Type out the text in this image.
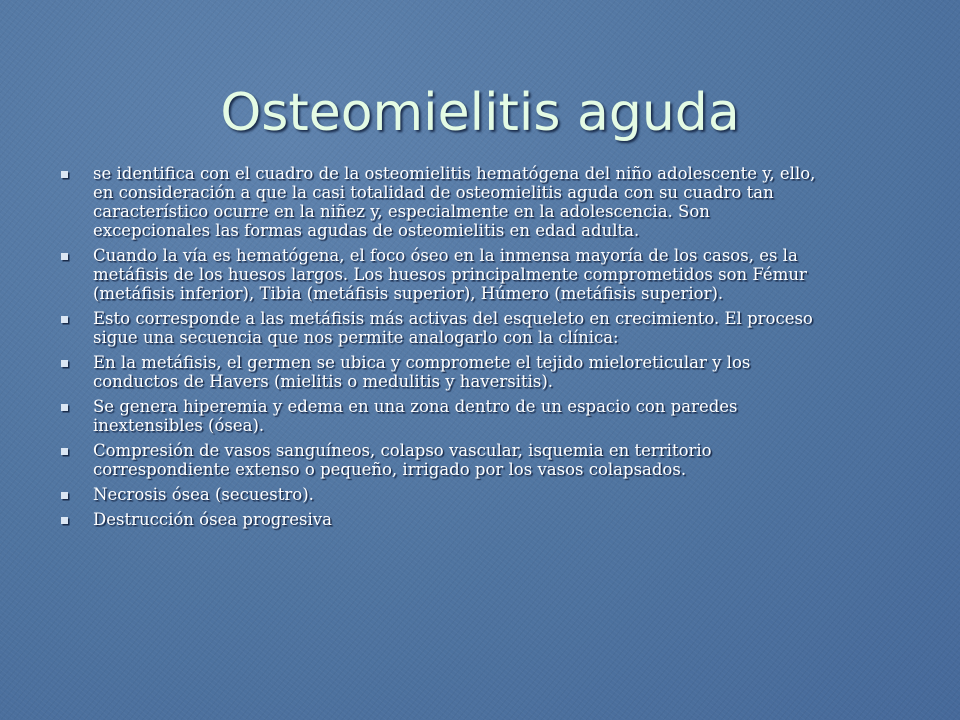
Osteomielitis aguda
se identifica con el cuadro de la osteomielitis hematógena del niño adolescente y, ello,
en consideración a que la casi totalidad de osteomielitis aguda con su cuadro tan
característico ocurre en la niñez y, especialmente en la adolescencia. Son
excepcionales las formas agudas de osteomielitis en edad adulta.
Cuando la vía es hematógena, el foco óseo en la inmensa mayoría de los casos, es la
metáfisis de los huesos largos. Los huesos principalmente comprometidos son Fémur
(metáfisis inferior), Tibia (metáfisis superior), Húmero (metáfisis superior).
Esto corresponde a las metáfisis más activas del esqueleto en crecimiento. El proceso
sigue una secuencia que nos permite analogarlo con la clínica:
En la metáfisis, el germen se ubica y compromete el tejido mieloreticular y los
conductos de Havers (mielitis o medulitis y haversitis).
Se genera hiperemia y edema en una zona dentro de un espacio con paredes
inextensibles (ósea).
Compresión de vasos sanguíneos, colapso vascular, isquemia en territorio
correspondiente extenso o pequeño, irrigado por los vasos colapsados.
Necrosis ósea (secuestro).
Destrucción ósea progresiva
